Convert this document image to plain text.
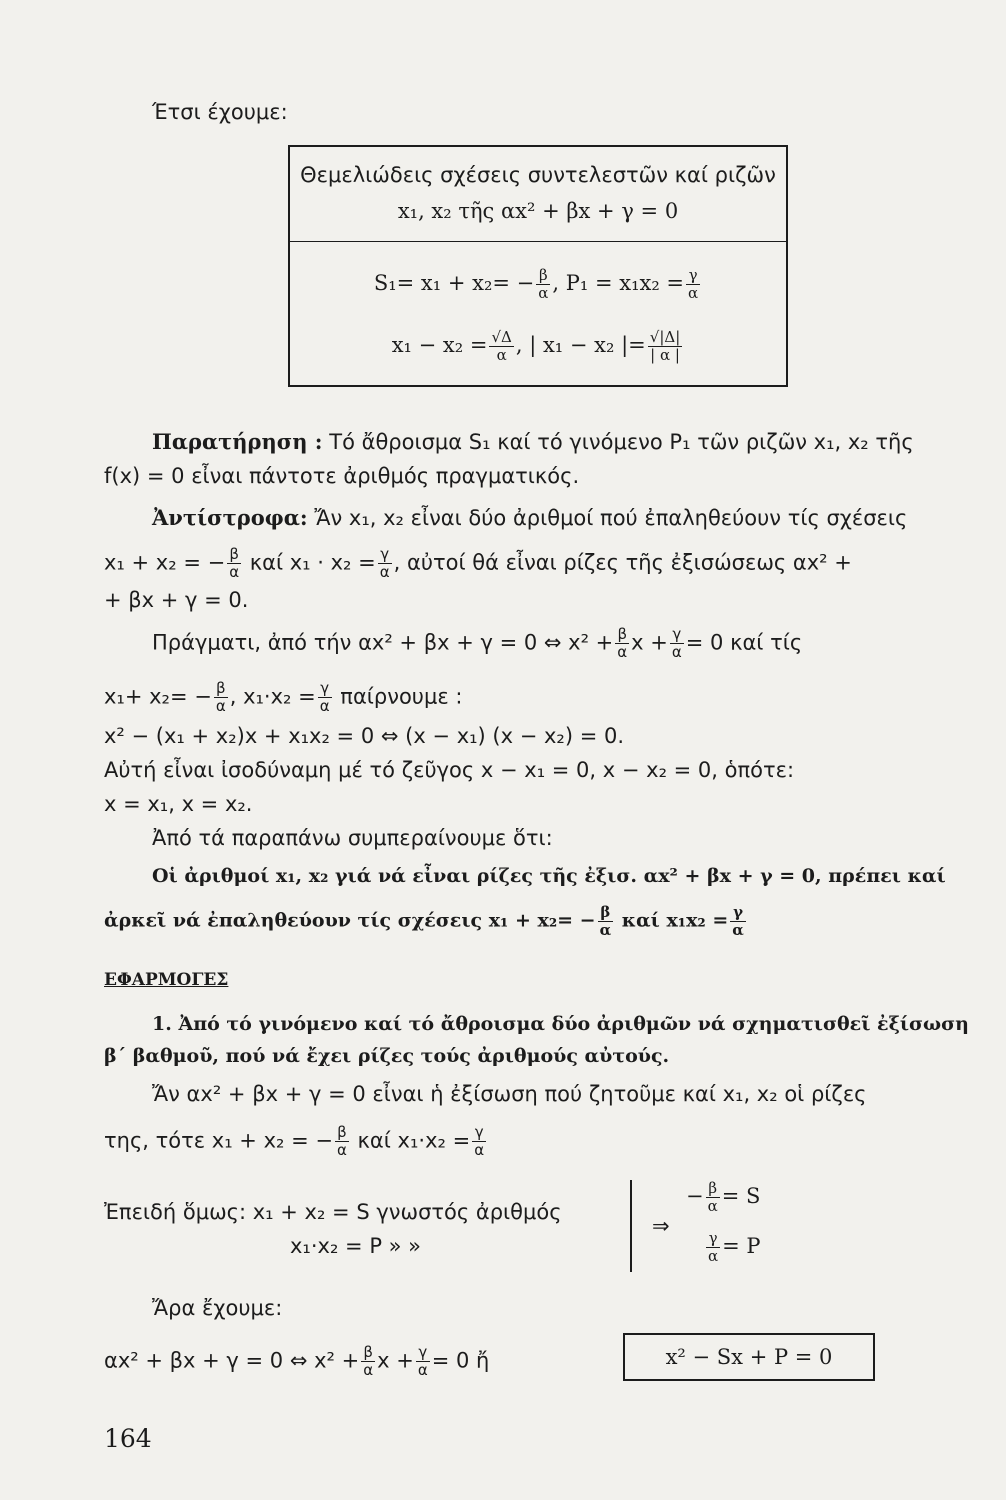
Έτσι έχουμε:
Θεμελιώδεις σχέσεις συντελεστῶν καί ριζῶν
x₁, x₂ τῆς αx² + βx + γ = 0
$S_1= x_1 + x_2= - \frac{\beta}{\alpha}$ , $P_1 = x_1x_2 = \frac{\gamma}{\alpha}$
$x_1 - x_2 = \frac{√\Delta}{\alpha}$ , | x₁ − x₂ |= $\frac{√|\Delta|}{| \alpha |}$
Παρατήρηση : Τό ἄθροισμα S₁ καί τό γινόμενο P₁ τῶν ριζῶν x₁, x₂ τῆς
f(x) = 0 εἶναι πάντοτε ἀριθμός πραγματικός.
Ἀντίστροφα: Ἄν x₁, x₂ εἶναι δύο ἀριθμοί πού ἐπαληθεύουν τίς σχέσεις
x₁ + x₂ = − $\frac{\beta}{\alpha}$ καί $x_1 \cdot x_2 = \frac{\gamma}{\alpha}$ , αὐτοί θά εἶναι ρίζες τῆς ἐξισώσεως αx² +
+ βx + γ = 0.
Πράγματι, ἀπό τήν αx² + βx + γ = 0 ⇔ $x^2 + \frac{\beta}{\alpha}$ $x + \frac{\gamma}{\alpha} = 0$ καί τίς
$x_1+ x_2= - \frac{\beta}{\alpha}$ , $x_1\cdot x_2 = \frac{\gamma}{\alpha}$ παίρνουμε :
x² − (x₁ + x₂)x + x₁x₂ = 0 ⇔ (x − x₁) (x − x₂) = 0.
Αὐτή εἶναι ἰσοδύναμη μέ τό ζεῦγος x − x₁ = 0, x − x₂ = 0, ὁπότε:
x = x₁, x = x₂.
Ἀπό τά παραπάνω συμπεραίνουμε ὅτι:
Οἱ ἀριθμοί x₁, x₂ γιά νά εἶναι ρίζες τῆς ἐξισ. αx² + βx + γ = 0, πρέπει καί
ἀρκεῖ νά ἐπαληθεύουν τίς σχέσεις $x_1 + x_2= - \frac{\beta}{\alpha}$ καί $x_1x_2 = \frac{\gamma}{\alpha}$
ΕΦΑΡΜΟΓΕΣ
1. Ἀπό τό γινόμενο καί τό ἄθροισμα δύο ἀριθμῶν νά σχηματισθεῖ ἐξίσωση
β΄ βαθμοῦ, πού νά ἔχει ρίζες τούς ἀριθμούς αὐτούς.
Ἄν αx² + βx + γ = 0 εἶναι ἡ ἐξίσωση πού ζητοῦμε καί x₁, x₂ οἱ ρίζες
της, τότε x₁ + x₂ = − $\frac{\beta}{\alpha}$ καί $x_1\cdot x_2 = \frac{\gamma}{\alpha}$
Ἐπειδή ὅμως: x₁ + x₂ = S γνωστός ἀριθμός
x₁·x₂ = P » »
⇒
− $\frac{\beta}{\alpha} = S$
$\frac{\gamma}{\alpha} = P$
Ἄρα ἔχουμε:
αx² + βx + γ = 0 ⇔ $x^2 + \frac{\beta}{\alpha}$ $x + \frac{\gamma}{\alpha} = 0$ ἤ	x² − Sx + P = 0
164
